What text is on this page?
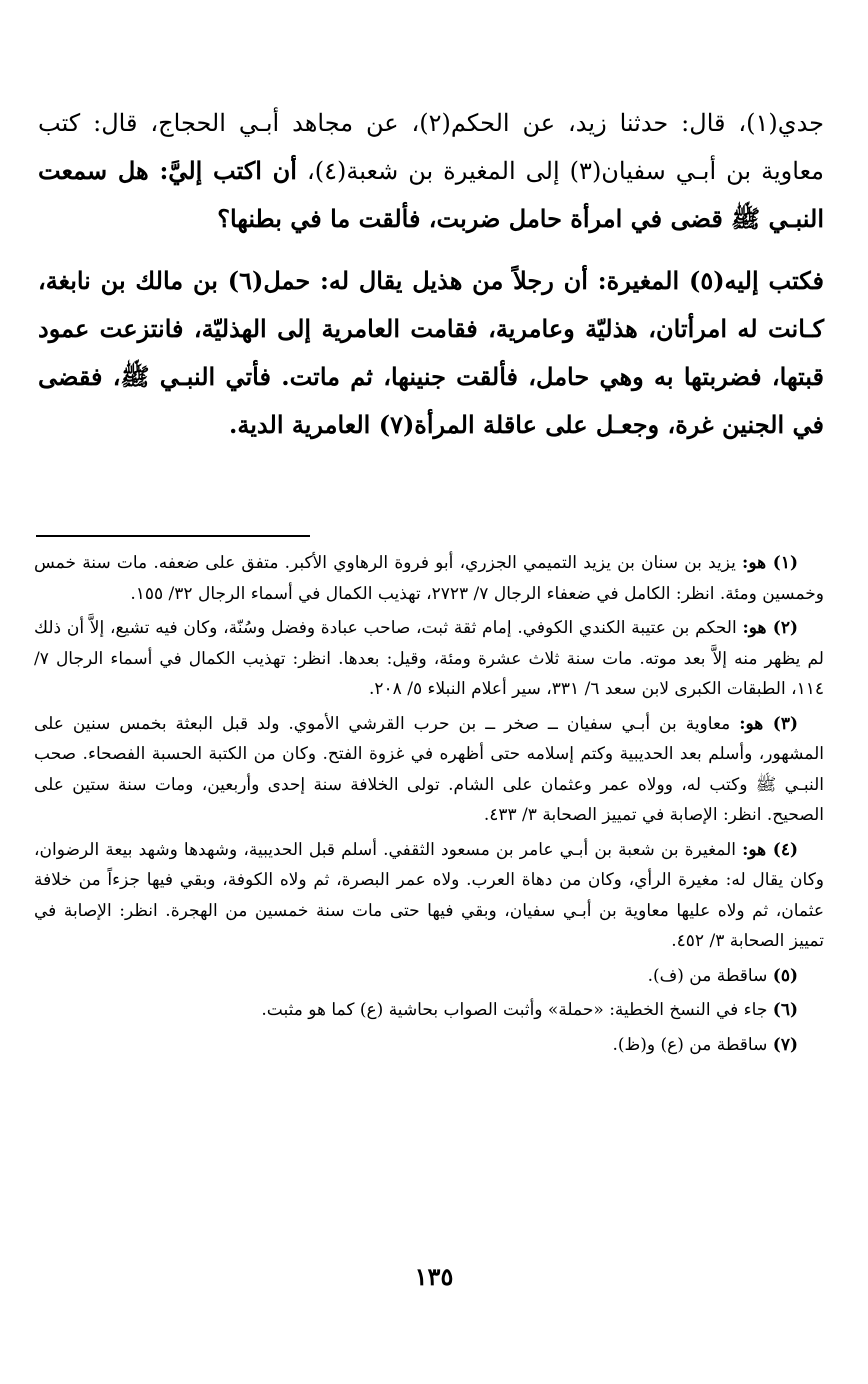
جدي(١)، قال: حدثنا زيد، عن الحكم(٢)، عن مجاهد أبـي الحجاج، قال: كتب معاوية بن أبـي سفيان(٣) إلى المغيرة بن شعبة(٤)، أن اكتب إليَّ: هل سمعت النبـي ﷺ قضى في امرأة حامل ضربت، فألقت ما في بطنها؟

فكتب إليه(٥) المغيرة: أن رجلاً من هذيل يقال له: حمل(٦) بن مالك بن نابغة، كـانت له امرأتان، هذليّة وعامرية، فقامت العامرية إلى الهذليّة، فانتزعت عمود قبتها، فضربتها به وهي حامل، فألقت جنينها، ثم ماتت. فأتي النبـي ﷺ، فقضى في الجنين غرة، وجعـل على عاقلة المرأة(٧) العامرية الدية.

(١) هو: يزيد بن سنان بن يزيد التميمي الجزري، أبو فروة الرهاوي الأكبر. متفق على ضعفه. مات سنة خمس وخمسين ومئة. انظر: الكامل في ضعفاء الرجال ٧/ ٢٧٢٣، تهذيب الكمال في أسماء الرجال ٣٢/ ١٥٥.

(٢) هو: الحكم بن عتيبة الكندي الكوفي. إمام ثقة ثبت، صاحب عبادة وفضل وسُنّة، وكان فيه تشيع، إلاَّ أن ذلك لم يظهر منه إلاَّ بعد موته. مات سنة ثلاث عشرة ومئة، وقيل: بعدها. انظر: تهذيب الكمال في أسماء الرجال ٧/ ١١٤، الطبقات الكبرى لابن سعد ٦/ ٣٣١، سير أعلام النبلاء ٥/ ٢٠٨.

(٣) هو: معاوية بن أبـي سفيان ــ صخر ــ بن حرب القرشي الأموي. ولد قبل البعثة بخمس سنين على المشهور، وأسلم بعد الحديبية وكتم إسلامه حتى أظهره في غزوة الفتح. وكان من الكتبة الحسبة الفصحاء. صحب النبـي ﷺ وكتب له، وولاه عمر وعثمان على الشام. تولى الخلافة سنة إحدى وأربعين، ومات سنة ستين على الصحيح. انظر: الإصابة في تمييز الصحابة ٣/ ٤٣٣.

(٤) هو: المغيرة بن شعبة بن أبـي عامر بن مسعود الثقفي. أسلم قبل الحديبية، وشهدها وشهد بيعة الرضوان، وكان يقال له: مغيرة الرأي، وكان من دهاة العرب. ولاه عمر البصرة، ثم ولاه الكوفة، وبقي فيها جزءاً من خلافة عثمان، ثم ولاه عليها معاوية بن أبـي سفيان، وبقي فيها حتى مات سنة خمسين من الهجرة. انظر: الإصابة في تمييز الصحابة ٣/ ٤٥٢.

(٥) ساقطة من (ف).

(٦) جاء في النسخ الخطية: «حملة» وأثبت الصواب بحاشية (ع) كما هو مثبت.

(٧) ساقطة من (ع) و(ظ).

١٣٥
